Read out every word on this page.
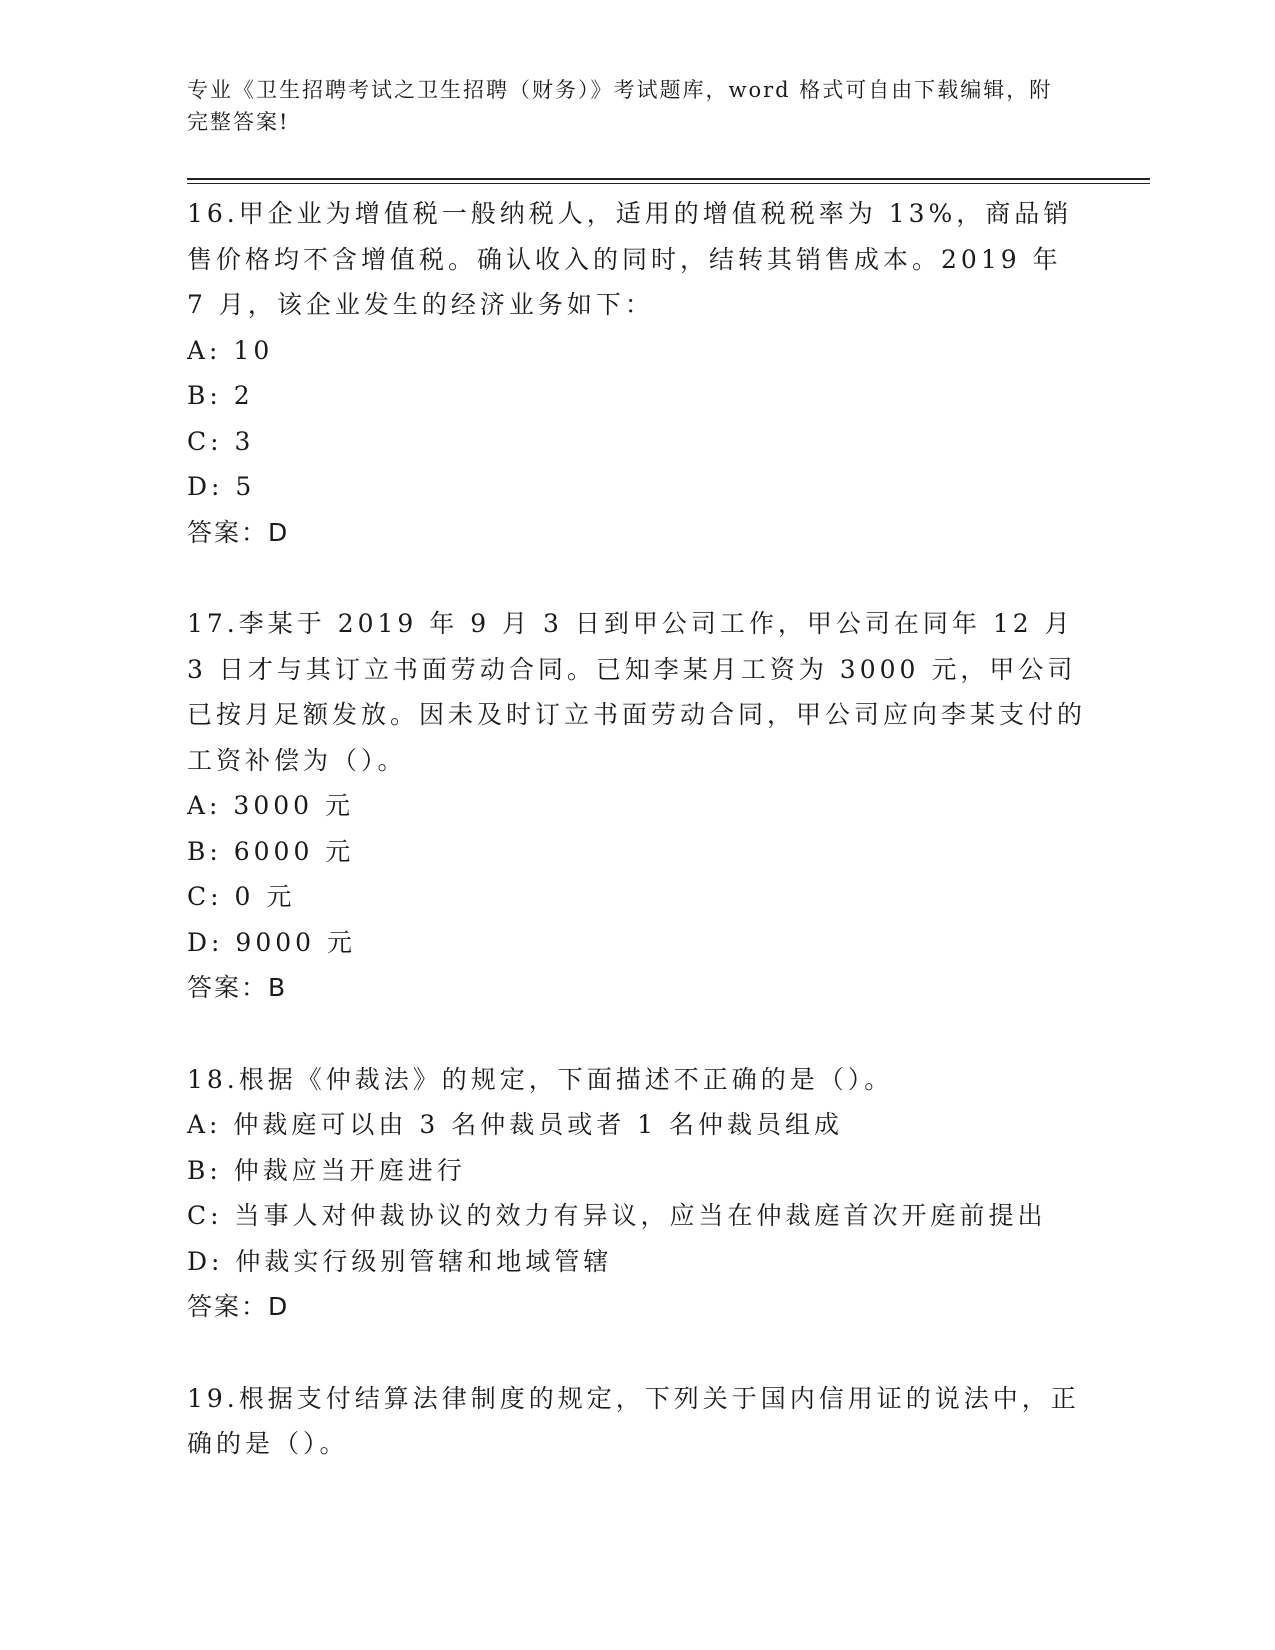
专业《卫生招聘考试之卫生招聘（财务）》考试题库，word 格式可自由下载编辑，附完整答案!

16.甲企业为增值税一般纳税人，适用的增值税税率为 13%，商品销售价格均不含增值税。确认收入的同时，结转其销售成本。2019 年 7 月，该企业发生的经济业务如下：

A: 10

B: 2

C: 3

D: 5

答案：D

17.李某于 2019 年 9 月 3 日到甲公司工作，甲公司在同年 12 月 3 日才与其订立书面劳动合同。已知李某月工资为 3000 元，甲公司已按月足额发放。因未及时订立书面劳动合同，甲公司应向李某支付的工资补偿为（）。

A: 3000 元

B: 6000 元

C: 0 元

D: 9000 元

答案：B

18.根据《仲裁法》的规定，下面描述不正确的是（）。

A: 仲裁庭可以由 3 名仲裁员或者 1 名仲裁员组成

B: 仲裁应当开庭进行

C: 当事人对仲裁协议的效力有异议，应当在仲裁庭首次开庭前提出

D: 仲裁实行级别管辖和地域管辖

答案：D

19.根据支付结算法律制度的规定，下列关于国内信用证的说法中，正确的是（）。
